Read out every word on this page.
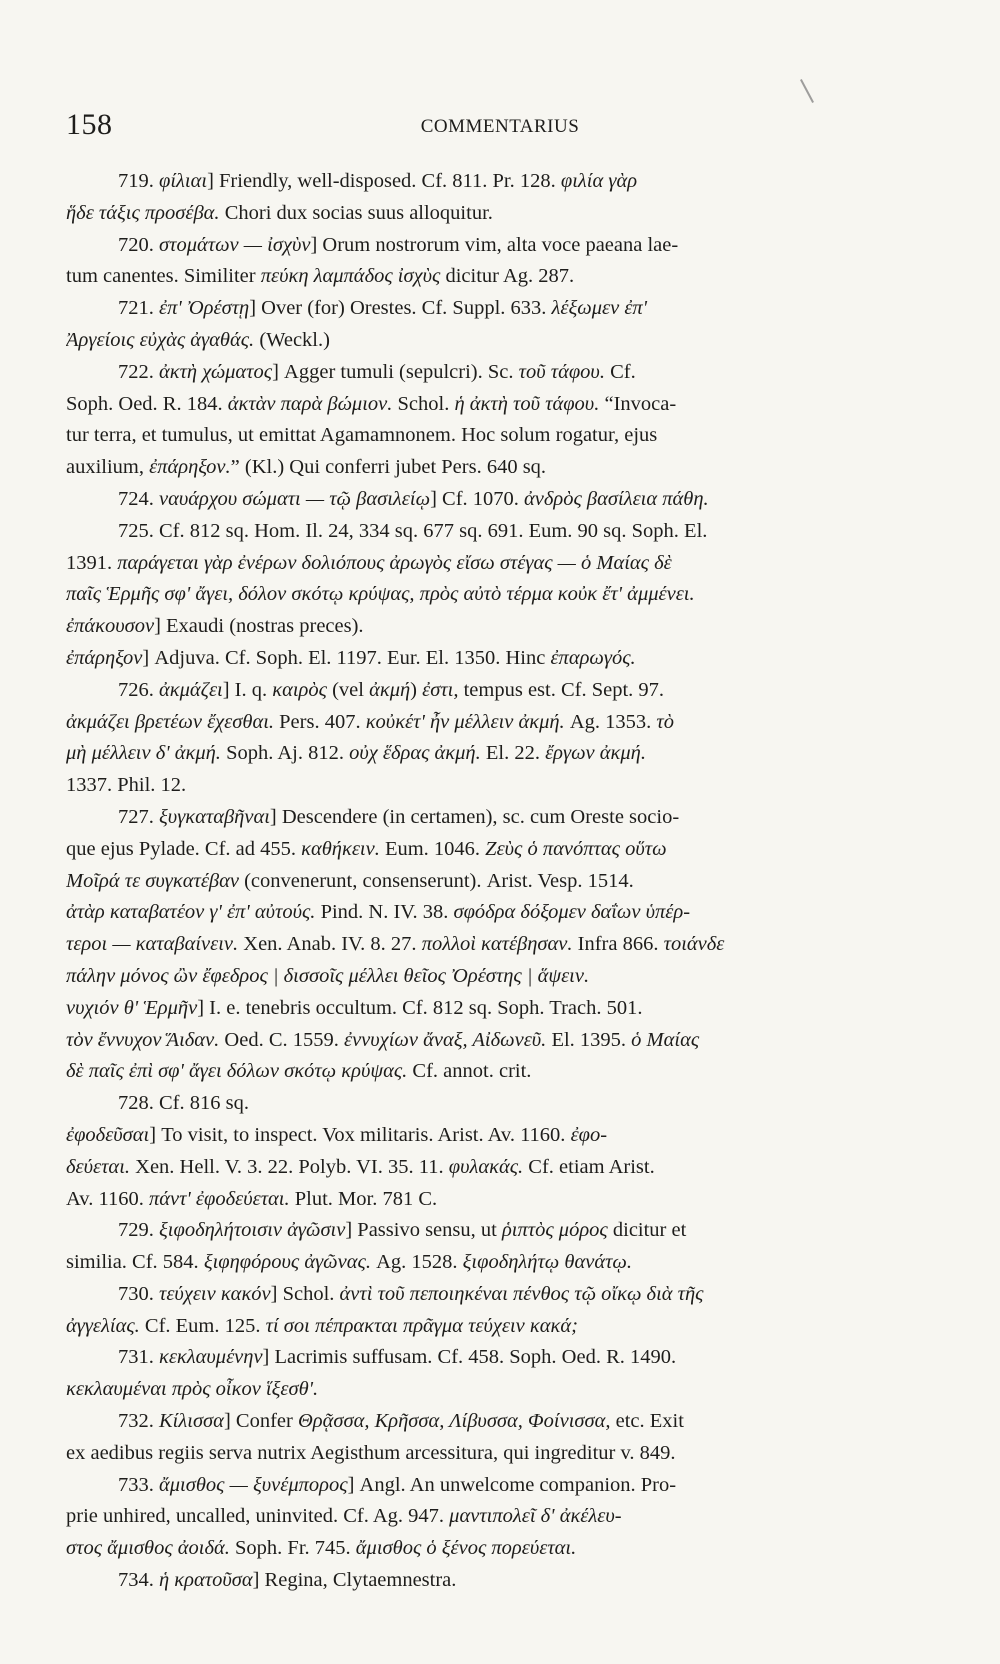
158	COMMENTARIUS
719. φίλιαι] Friendly, well-disposed. Cf. 811. Pr. 128. φιλία γὰρ
ἥδε τάξις προσέβα. Chori dux socias suus alloquitur.
720. στομάτων — ἰσχὺν] Orum nostrorum vim, alta voce paeana lae-
tum canentes. Similiter πεύκη λαμπάδος ἰσχὺς dicitur Ag. 287.
721. ἐπ' Ὀρέστῃ] Over (for) Orestes. Cf. Suppl. 633. λέξωμεν ἐπ'
Ἀργείοις εὐχὰς ἀγαθάς. (Weckl.)
722. ἀκτὴ χώματος] Agger tumuli (sepulcri). Sc. τοῦ τάφου. Cf.
Soph. Oed. R. 184. ἀκτὰν παρὰ βώμιον. Schol. ἡ ἀκτὴ τοῦ τάφου. “Invoca-
tur terra, et tumulus, ut emittat Agamamnonem. Hoc solum rogatur, ejus
auxilium, ἐπάρηξον.” (Kl.) Qui conferri jubet Pers. 640 sq.
724. ναυάρχου σώματι — τῷ βασιλείῳ] Cf. 1070. ἀνδρὸς βασίλεια πάθη.
725. Cf. 812 sq. Hom. Il. 24, 334 sq. 677 sq. 691. Eum. 90 sq. Soph. El.
1391. παράγεται γὰρ ἐνέρων δολιόπους ἀρωγὸς εἴσω στέγας — ὁ Μαίας δὲ
παῖς Ἑρμῆς σφ' ἄγει, δόλον σκότῳ κρύψας, πρὸς αὐτὸ τέρμα κοὐκ ἔτ' ἀμμένει.
ἐπάκουσον] Exaudi (nostras preces).
ἐπάρηξον] Adjuva. Cf. Soph. El. 1197. Eur. El. 1350. Hinc ἐπαρωγός.
726. ἀκμάζει] I. q. καιρὸς (vel ἀκμή) ἐστι, tempus est. Cf. Sept. 97.
ἀκμάζει βρετέων ἔχεσθαι. Pers. 407. κοὐκέτ' ἦν μέλλειν ἀκμή. Ag. 1353. τὸ
μὴ μέλλειν δ' ἀκμή. Soph. Aj. 812. οὐχ ἕδρας ἀκμή. El. 22. ἔργων ἀκμή.
1337. Phil. 12.
727. ξυγκαταβῆναι] Descendere (in certamen), sc. cum Oreste socio-
que ejus Pylade. Cf. ad 455. καθήκειν. Eum. 1046. Ζεὺς ὁ πανόπτας οὕτω
Μοῖρά τε συγκατέβαν (convenerunt, consenserunt). Arist. Vesp. 1514.
ἀτὰρ καταβατέον γ' ἐπ' αὐτούς. Pind. N. IV. 38. σφόδρα δόξομεν δαΐων ὑπέρ-
τεροι — καταβαίνειν. Xen. Anab. IV. 8. 27. πολλοὶ κατέβησαν. Infra 866. τοιάνδε
πάλην μόνος ὢν ἔφεδρος | δισσοῖς μέλλει θεῖος Ὀρέστης | ἅψειν.
νυχιόν θ' Ἑρμῆν] I. e. tenebris occultum. Cf. 812 sq. Soph. Trach. 501.
τὸν ἔννυχον Ἅιδαν. Oed. C. 1559. ἐννυχίων ἄναξ, Αἰδωνεῦ. El. 1395. ὁ Μαίας
δὲ παῖς ἐπὶ σφ' ἄγει δόλων σκότῳ κρύψας. Cf. annot. crit.
728. Cf. 816 sq.
ἐφοδεῦσαι] To visit, to inspect. Vox militaris. Arist. Av. 1160. ἐφο-
δεύεται. Xen. Hell. V. 3. 22. Polyb. VI. 35. 11. φυλακάς. Cf. etiam Arist.
Av. 1160. πάντ' ἐφοδεύεται. Plut. Mor. 781 C.
729. ξιφοδηλήτοισιν ἀγῶσιν] Passivo sensu, ut ῥιπτὸς μόρος dicitur et
similia. Cf. 584. ξιφηφόρους ἀγῶνας. Ag. 1528. ξιφοδηλήτῳ θανάτῳ.
730. τεύχειν κακόν] Schol. ἀντὶ τοῦ πεποιηκέναι πένθος τῷ οἴκῳ διὰ τῆς
ἀγγελίας. Cf. Eum. 125. τί σοι πέπρακται πρᾶγμα τεύχειν κακά;
731. κεκλαυμένην] Lacrimis suffusam. Cf. 458. Soph. Oed. R. 1490.
κεκλαυμέναι πρὸς οἶκον ἵξεσθ'.
732. Κίλισσα] Confer Θρᾷσσα, Κρῆσσα, Λίβυσσα, Φοίνισσα, etc. Exit
ex aedibus regiis serva nutrix Aegisthum arcessitura, qui ingreditur v. 849.
733. ἄμισθος — ξυνέμπορος] Angl. An unwelcome companion. Pro-
prie unhired, uncalled, uninvited. Cf. Ag. 947. μαντιπολεῖ δ' ἀκέλευ-
στος ἄμισθος ἀοιδά. Soph. Fr. 745. ἄμισθος ὁ ξένος πορεύεται.
734. ἡ κρατοῦσα] Regina, Clytaemnestra.
